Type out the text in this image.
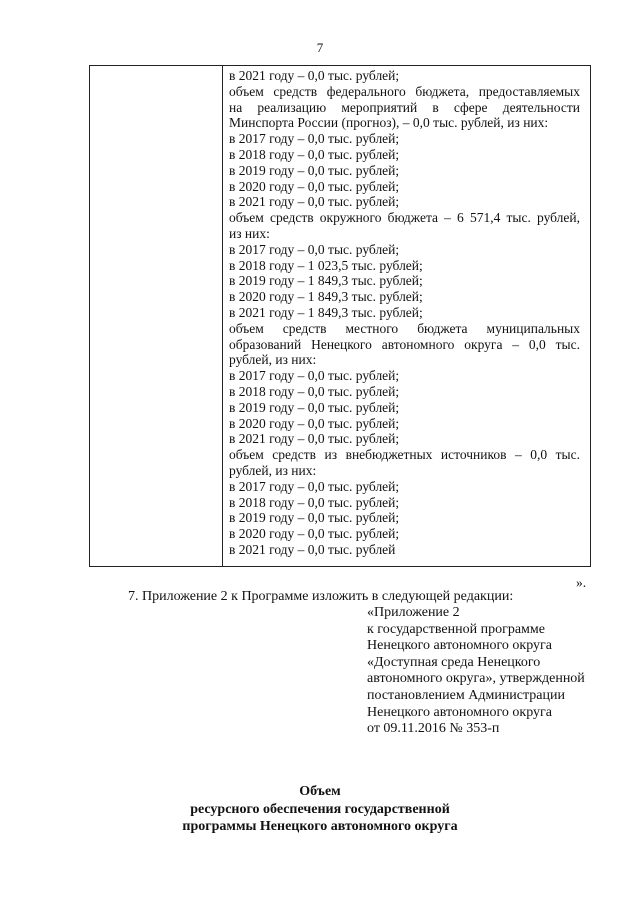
7
в 2021 году – 0,0 тыс. рублей;
объем средств федерального бюджета, предоставляемых
на реализацию мероприятий в сфере деятельности
Минспорта России (прогноз), – 0,0 тыс. рублей, из них:
в 2017 году – 0,0 тыс. рублей;
в 2018 году – 0,0 тыс. рублей;
в 2019 году – 0,0 тыс. рублей;
в 2020 году – 0,0 тыс. рублей;
в 2021 году – 0,0 тыс. рублей;
объем средств окружного бюджета – 6 571,4 тыс. рублей,
из них:
в 2017 году – 0,0 тыс. рублей;
в 2018 году – 1 023,5 тыс. рублей;
в 2019 году – 1 849,3 тыс. рублей;
в 2020 году – 1 849,3 тыс. рублей;
в 2021 году – 1 849,3 тыс. рублей;
объем средств местного бюджета муниципальных
образований Ненецкого автономного округа – 0,0 тыс.
рублей, из них:
в 2017 году – 0,0 тыс. рублей;
в 2018 году – 0,0 тыс. рублей;
в 2019 году – 0,0 тыс. рублей;
в 2020 году – 0,0 тыс. рублей;
в 2021 году – 0,0 тыс. рублей;
объем средств из внебюджетных источников – 0,0 тыс.
рублей, из них:
в 2017 году – 0,0 тыс. рублей;
в 2018 году – 0,0 тыс. рублей;
в 2019 году – 0,0 тыс. рублей;
в 2020 году – 0,0 тыс. рублей;
в 2021 году – 0,0 тыс. рублей
».
7. Приложение 2 к Программе изложить в следующей редакции:
«Приложение 2
к государственной программе
Ненецкого автономного округа
«Доступная среда Ненецкого
автономного округа», утвержденной
постановлением Администрации
Ненецкого автономного округа
от 09.11.2016 № 353-п
Объем
ресурсного обеспечения государственной
программы Ненецкого автономного округа
